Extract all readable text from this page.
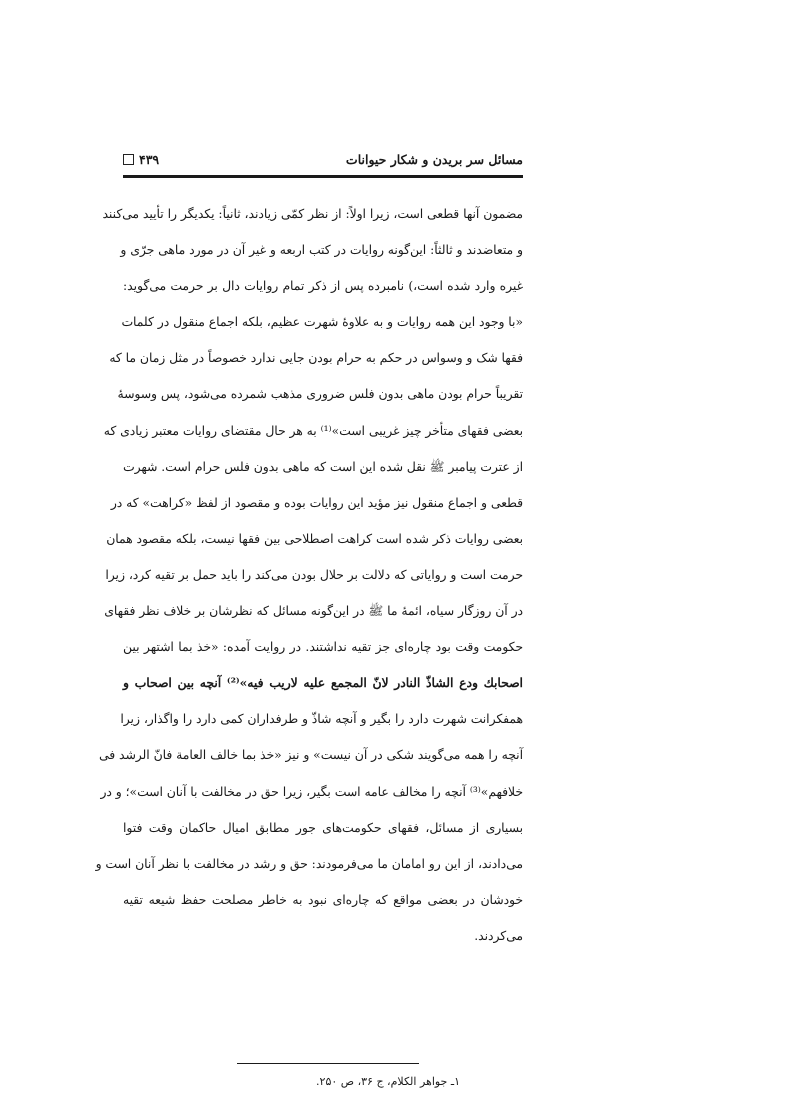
مسائل سر بریدن و شکار حیوانات
۴۳۹
مضمون آنها قطعی است، زیرا اولاً: از نظر کمّی زیادند، ثانیاً: یکدیگر را تأیید می‌کنند
و متعاضدند و ثالثاً: این‌گونه روایات در کتب اربعه و غیر آن در مورد ماهی جرّی و
غیره وارد شده است،) نامبرده پس از ذکر تمام روایات دال بر حرمت می‌گوید:
«با وجود این همه روایات و به علاوهٔ شهرت عظیم، بلکه اجماع منقول در کلمات
فقها شک و وسواس در حکم به حرام بودن جایی ندارد خصوصاً در مثل زمان ما که
تقریباً حرام بودن ماهی بدون فلس ضروری مذهب شمرده می‌شود، پس وسوسهٔ
بعضی فقهای متأخر چیز غریبی است»⁽¹⁾ به هر حال مقتضای روایات معتبر زیادی که
از عترت پیامبر ﷺ نقل شده این است که ماهی بدون فلس حرام است. شهرت
قطعی و اجماع منقول نیز مؤید این روایات بوده و مقصود از لفظ «کراهت» که در
بعضی روایات ذکر شده است کراهت اصطلاحی بین فقها نیست، بلکه مقصود همان
حرمت است و روایاتی که دلالت بر حلال بودن می‌کند را باید حمل بر تقیه کرد، زیرا
در آن روزگار سیاه، ائمهٔ ما ﷺ در این‌گونه مسائل که نظرشان بر خلاف نظر فقهای
حکومت وقت بود چاره‌ای جز تقیه نداشتند. در روایت آمده: «خذ بما اشتهر بین
اصحابك ودع الشاذّ النادر لانّ المجمع علیه لاریب فیه»⁽²⁾ آنچه بین اصحاب و
همفکرانت شهرت دارد را بگیر و آنچه شاذّ و طرفداران کمی دارد را واگذار، زیرا
آنچه را همه می‌گویند شکی در آن نیست» و نیز «خذ بما خالف العامة فانّ الرشد فی
خلافهم»⁽³⁾ آنچه را مخالف عامه است بگیر، زیرا حق در مخالفت با آنان است»؛ و در
بسیاری از مسائل، فقهای حکومت‌های جور مطابق امیال حاکمان وقت فتوا
می‌دادند، از این رو امامان ما می‌فرمودند: حق و رشد در مخالفت با نظر آنان است و
خودشان در بعضی مواقع که چاره‌ای نبود به خاطر مصلحت حفظ شیعه تقیه
می‌کردند.
۱ـ جواهر الکلام، ج ۳۶، ص ۲۵۰.
